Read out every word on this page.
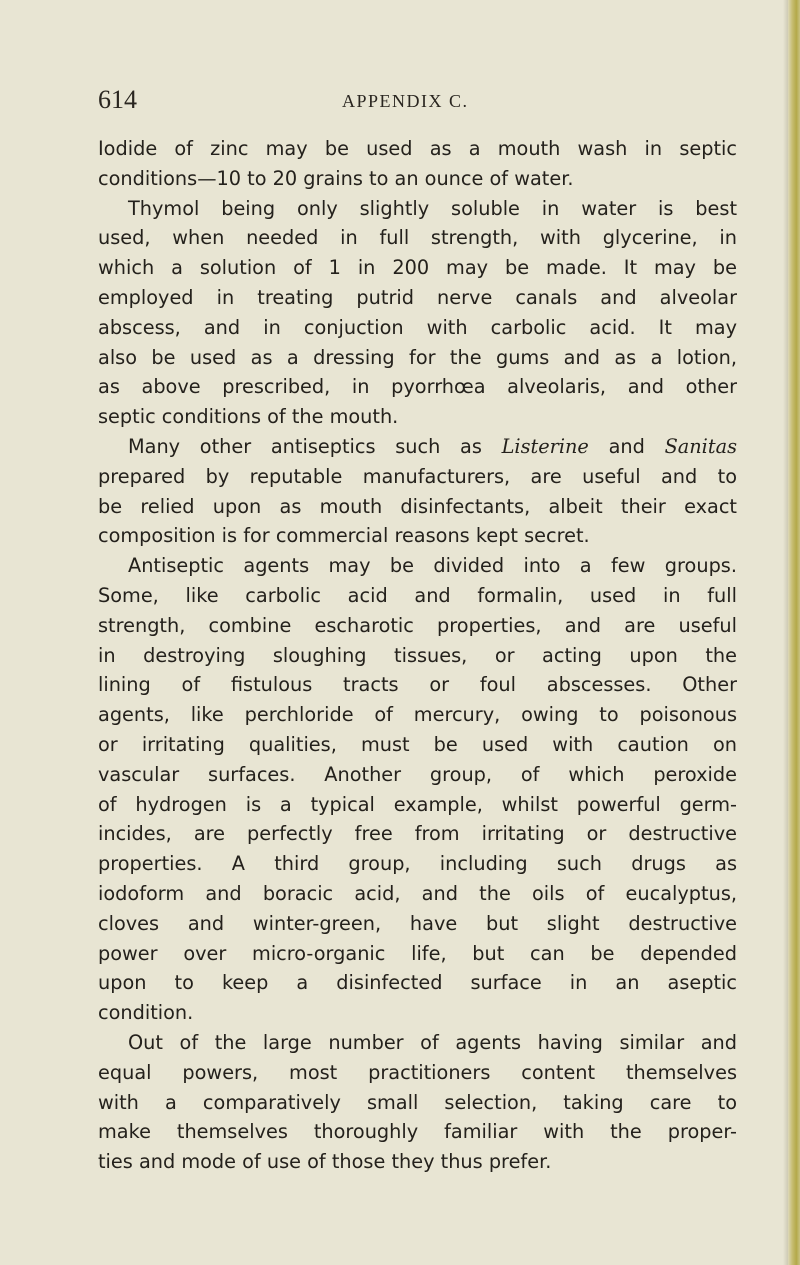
614	APPENDIX C.
Iodide of zinc may be used as a mouth wash in septic
conditions—10 to 20 grains to an ounce of water.
Thymol being only slightly soluble in water is best
used, when needed in full strength, with glycerine, in
which a solution of 1 in 200 may be made. It may be
employed in treating putrid nerve canals and alveolar
abscess, and in conjuction with carbolic acid. It may
also be used as a dressing for the gums and as a lotion,
as above prescribed, in pyorrhœa alveolaris, and other
septic conditions of the mouth.
Many other antiseptics such as Listerine and Sanitas
prepared by reputable manufacturers, are useful and to
be relied upon as mouth disinfectants, albeit their exact
composition is for commercial reasons kept secret.
Antiseptic agents may be divided into a few groups.
Some, like carbolic acid and formalin, used in full
strength, combine escharotic properties, and are useful
in destroying sloughing tissues, or acting upon the
lining of fistulous tracts or foul abscesses. Other
agents, like perchloride of mercury, owing to poisonous
or irritating qualities, must be used with caution on
vascular surfaces. Another group, of which peroxide
of hydrogen is a typical example, whilst powerful germ-
incides, are perfectly free from irritating or destructive
properties. A third group, including such drugs as
iodoform and boracic acid, and the oils of eucalyptus,
cloves and winter-green, have but slight destructive
power over micro-organic life, but can be depended
upon to keep a disinfected surface in an aseptic
condition.
Out of the large number of agents having similar and
equal powers, most practitioners content themselves
with a comparatively small selection, taking care to
make themselves thoroughly familiar with the proper-
ties and mode of use of those they thus prefer.
